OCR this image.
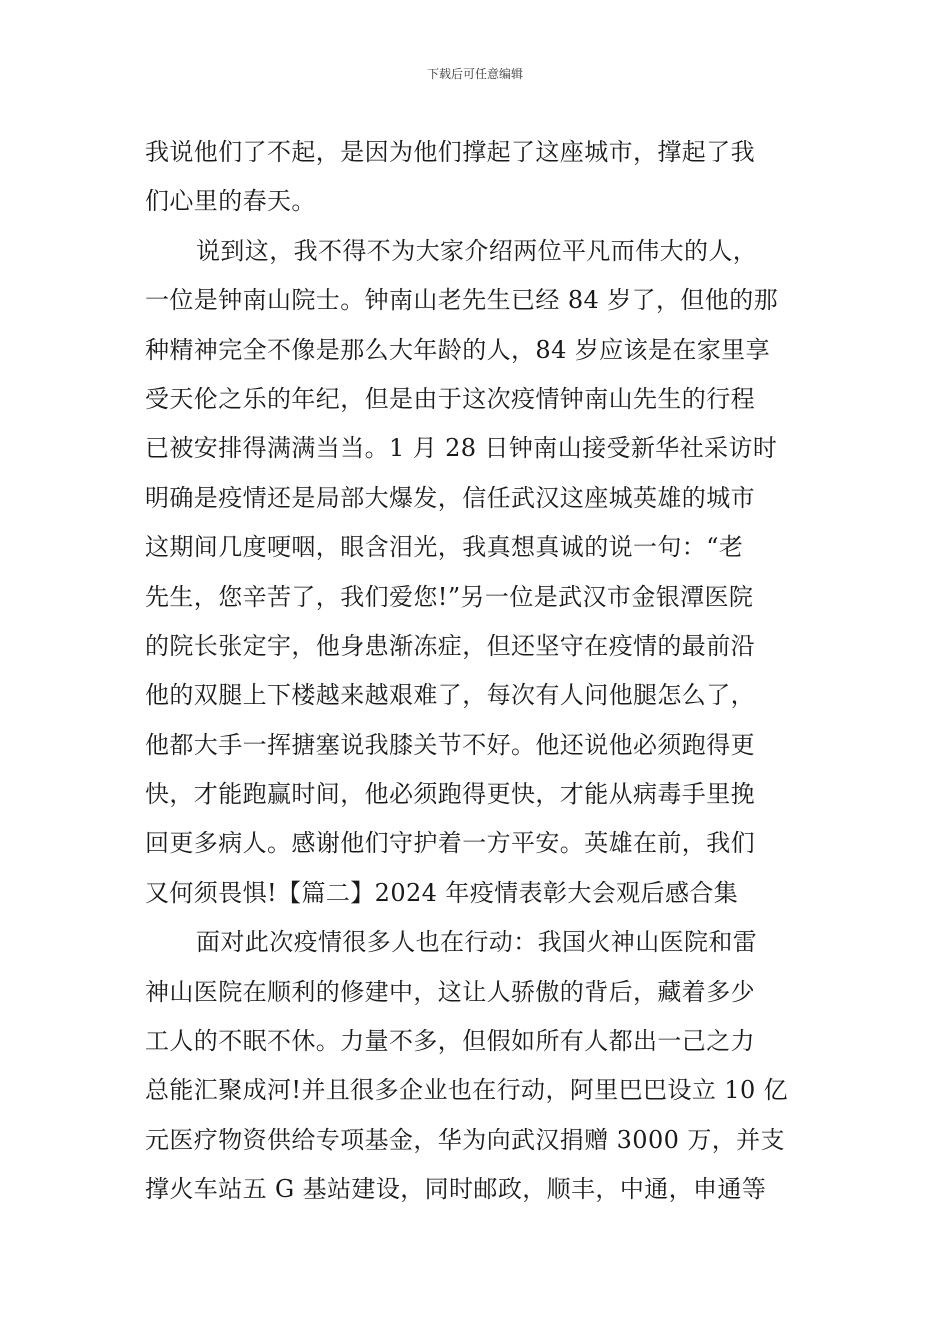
下载后可任意编辑
我说他们了不起，是因为他们撑起了这座城市，撑起了我
们心里的春天。
说到这，我不得不为大家介绍两位平凡而伟大的人，
一位是钟南山院士。钟南山老先生已经 84 岁了，但他的那
种精神完全不像是那么大年龄的人，84 岁应该是在家里享
受天伦之乐的年纪，但是由于这次疫情钟南山先生的行程
已被安排得满满当当。1 月 28 日钟南山接受新华社采访时
明确是疫情还是局部大爆发，信任武汉这座城英雄的城市
这期间几度哽咽，眼含泪光，我真想真诚的说一句：“老
先生，您辛苦了，我们爱您!”另一位是武汉市金银潭医院
的院长张定宇，他身患渐冻症，但还坚守在疫情的最前沿
他的双腿上下楼越来越艰难了，每次有人问他腿怎么了，
他都大手一挥搪塞说我膝关节不好。他还说他必须跑得更
快，才能跑赢时间，他必须跑得更快，才能从病毒手里挽
回更多病人。感谢他们守护着一方平安。英雄在前，我们
又何须畏惧!【篇二】2024 年疫情表彰大会观后感合集
面对此次疫情很多人也在行动：我国火神山医院和雷
神山医院在顺利的修建中，这让人骄傲的背后，藏着多少
工人的不眠不休。力量不多，但假如所有人都出一己之力
总能汇聚成河!并且很多企业也在行动，阿里巴巴设立 10 亿
元医疗物资供给专项基金，华为向武汉捐赠 3000 万，并支
撑火车站五 G 基站建设，同时邮政，顺丰，中通，申通等
